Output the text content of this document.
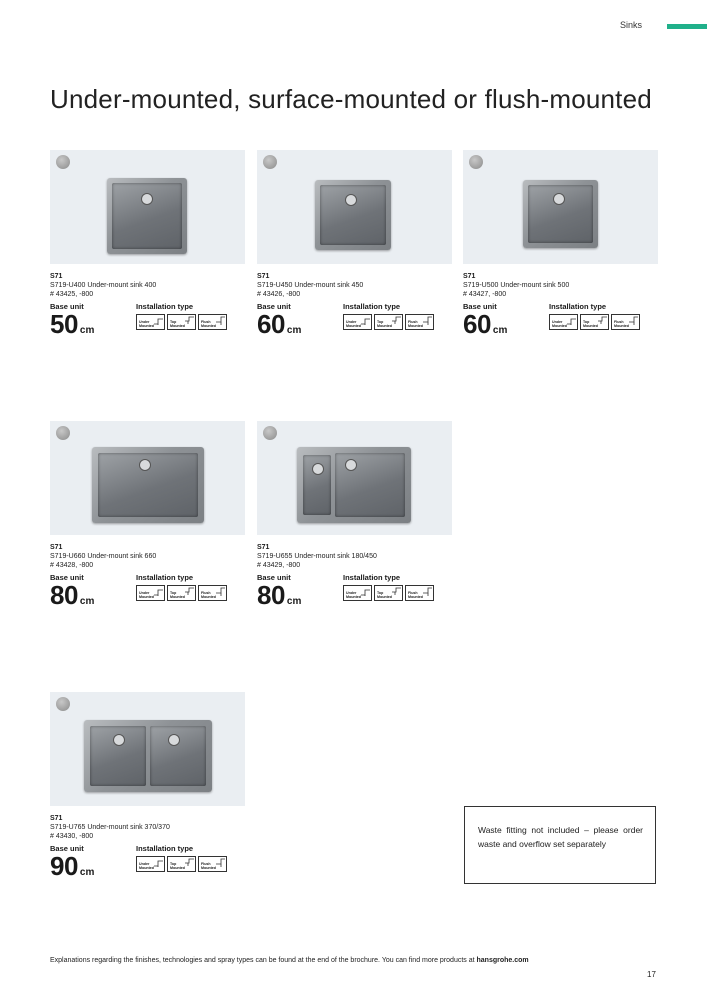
Sinks
Under-mounted, surface-mounted or flush-mounted
S71
S719-U400 Under-mount sink 400
# 43425, -800
Base unit
50 cm
Installation type
Under
Mounted
Top
Mounted
Flush
Mounted
S71
S719-U450 Under-mount sink 450
# 43426, -800
Base unit
60 cm
Installation type
Under
Mounted
Top
Mounted
Flush
Mounted
S71
S719-U500 Under-mount sink 500
# 43427, -800
Base unit
60 cm
Installation type
Under
Mounted
Top
Mounted
Flush
Mounted
S71
S719-U660 Under-mount sink 660
# 43428, -800
Base unit
80 cm
Installation type
Under
Mounted
Top
Mounted
Flush
Mounted
S71
S719-U655 Under-mount sink 180/450
# 43429, -800
Base unit
80 cm
Installation type
Under
Mounted
Top
Mounted
Flush
Mounted
S71
S719-U765 Under-mount sink 370/370
# 43430, -800
Base unit
90 cm
Installation type
Under
Mounted
Top
Mounted
Flush
Mounted
Waste fitting not included – please order waste and overflow set separately
Explanations regarding the finishes, technologies and spray types can be found at the end of the brochure. You can find more products at hansgrohe.com
17
